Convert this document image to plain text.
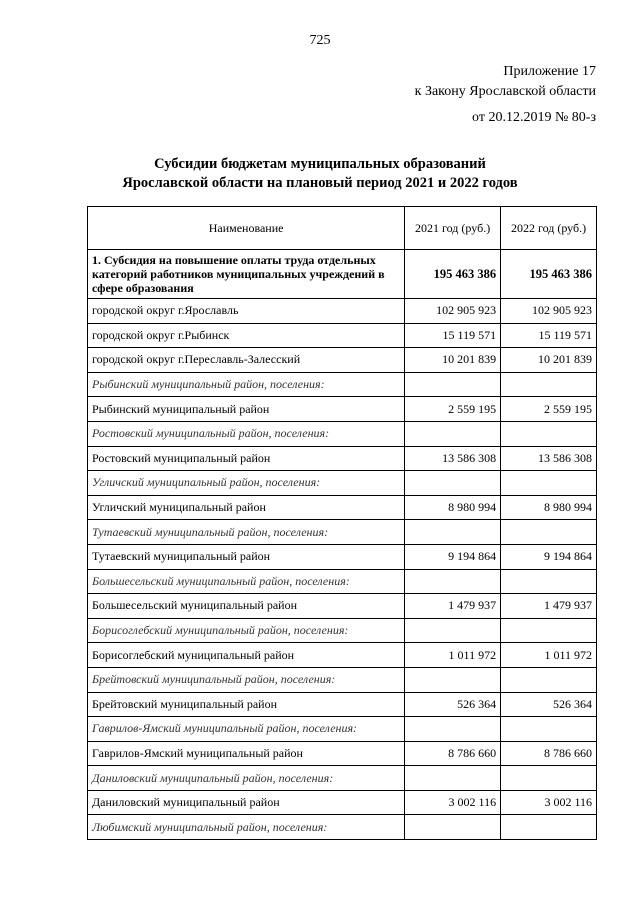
725
Приложение 17
к Закону Ярославской области
от 20.12.2019 № 80-з
Субсидии бюджетам муниципальных образований
Ярославской области на плановый период 2021 и 2022 годов
Наименование	2021 год (руб.)	2022 год (руб.)
1. Субсидия на повышение оплаты труда отдельных категорий работников муниципальных учреждений в сфере образования	195 463 386	195 463 386
городской округ г.Ярославль	102 905 923	102 905 923
городской округ г.Рыбинск	15 119 571	15 119 571
городской округ г.Переславль-Залесский	10 201 839	10 201 839
Рыбинский муниципальный район, поселения:		
Рыбинский муниципальный район	2 559 195	2 559 195
Ростовский муниципальный район, поселения:		
Ростовский муниципальный район	13 586 308	13 586 308
Угличский муниципальный район, поселения:		
Угличский муниципальный район	8 980 994	8 980 994
Тутаевский муниципальный район, поселения:		
Тутаевский муниципальный район	9 194 864	9 194 864
Большесельский муниципальный район, поселения:		
Большесельский муниципальный район	1 479 937	1 479 937
Борисоглебский муниципальный район, поселения:		
Борисоглебский муниципальный район	1 011 972	1 011 972
Брейтовский муниципальный район, поселения:		
Брейтовский муниципальный район	526 364	526 364
Гаврилов-Ямский муниципальный район, поселения:		
Гаврилов-Ямский муниципальный район	8 786 660	8 786 660
Даниловский муниципальный район, поселения:		
Даниловский муниципальный район	3 002 116	3 002 116
Любимский муниципальный район, поселения:		
